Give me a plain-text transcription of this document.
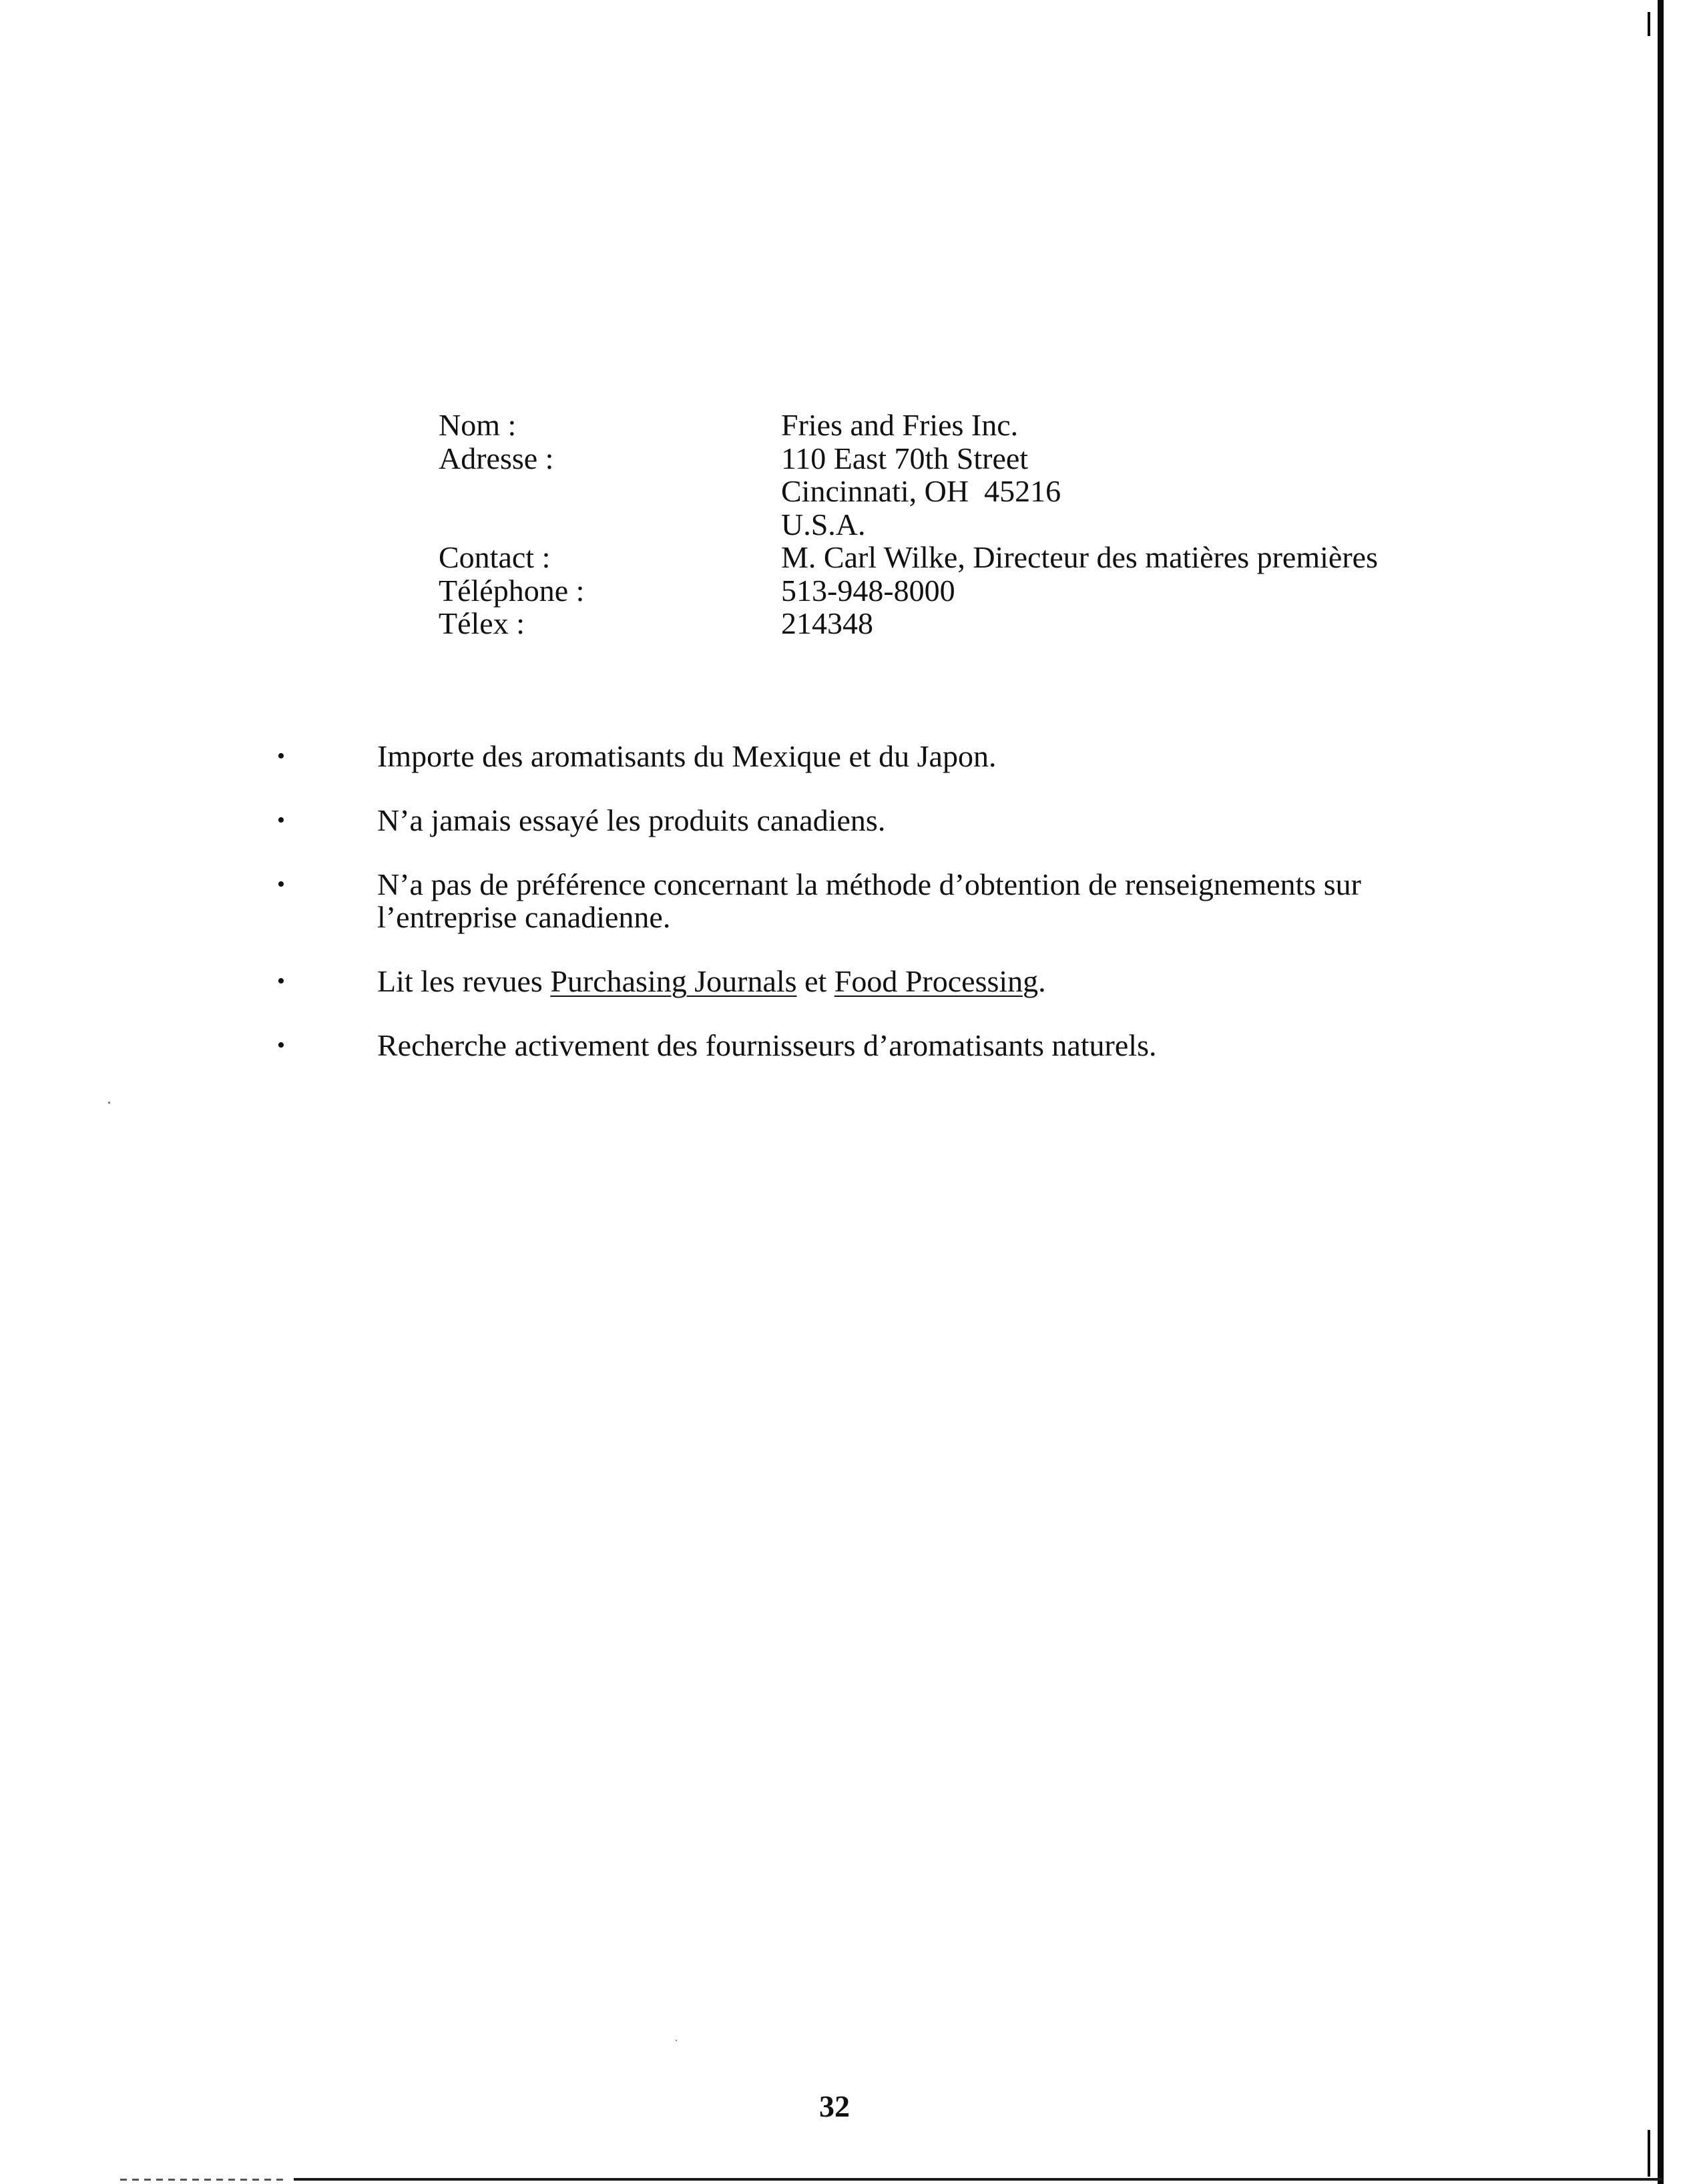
Nom :	Fries and Fries Inc.
Adresse :	110 East 70th Street
Cincinnati, OH  45216
U.S.A.
Contact :	M. Carl Wilke, Directeur des matières premières
Téléphone :	513-948-8000
Télex :	214348
•	Importe des aromatisants du Mexique et du Japon.
•	N’a jamais essayé les produits canadiens.
•	N’a pas de préférence concernant la méthode d’obtention de renseignements sur l’entreprise canadienne.
•	Lit les revues Purchasing Journals et Food Processing.
•	Recherche activement des fournisseurs d’aromatisants naturels.
32
